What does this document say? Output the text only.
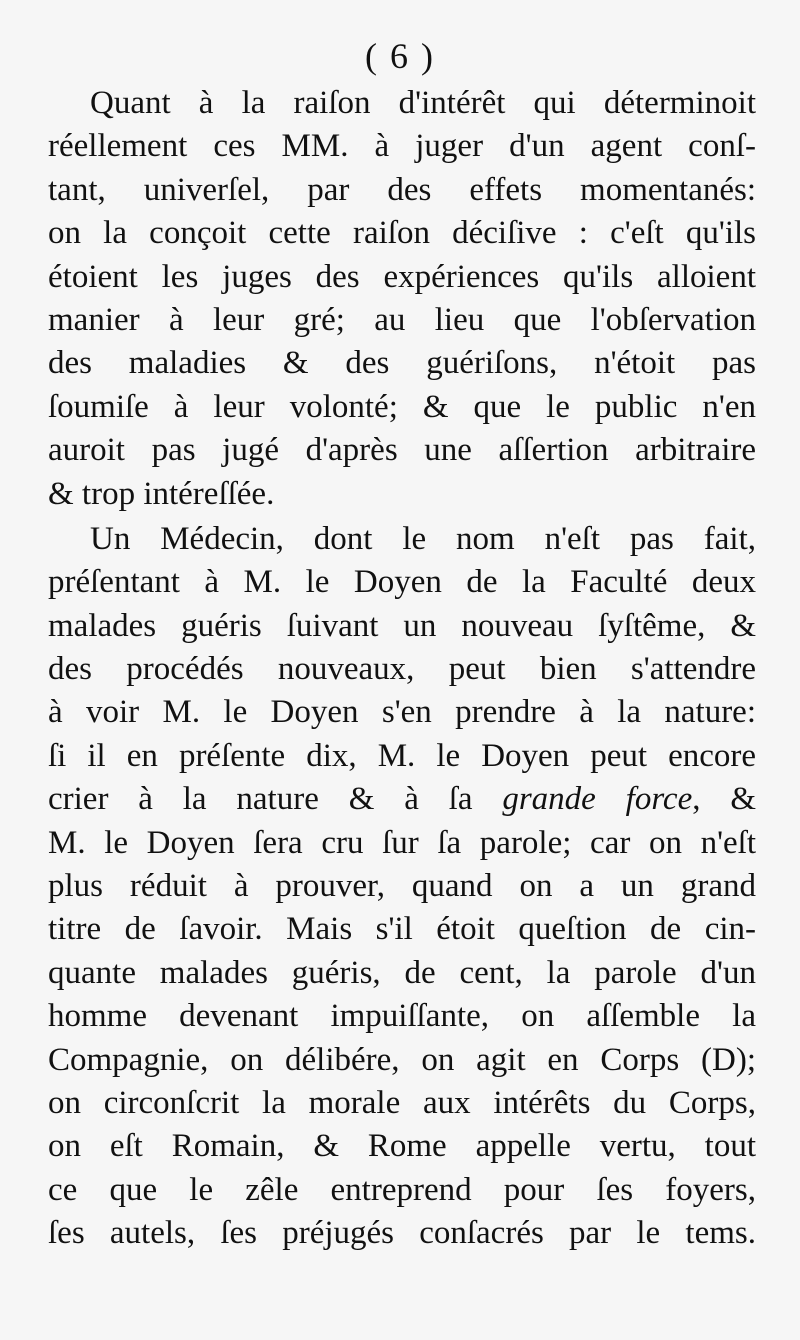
( 6 )
Quant à la raiſon d'intérêt qui déterminoit
réellement ces MM. à juger d'un agent conſ-
tant, univerſel, par des effets momentanés:
on la conçoit cette raiſon déciſive : c'eſt qu'ils
étoient les juges des expériences qu'ils alloient
manier à leur gré; au lieu que l'obſervation
des maladies & des guériſons, n'étoit pas
ſoumiſe à leur volonté; & que le public n'en
auroit pas jugé d'après une aſſertion arbitraire
& trop intéreſſée.
Un Médecin, dont le nom n'eſt pas fait,
préſentant à M. le Doyen de la Faculté deux
malades guéris ſuivant un nouveau ſyſtême, &
des procédés nouveaux, peut bien s'attendre
à voir M. le Doyen s'en prendre à la nature:
ſi il en préſente dix, M. le Doyen peut encore
crier à la nature & à ſa grande force, &
M. le Doyen ſera cru ſur ſa parole; car on n'eſt
plus réduit à prouver, quand on a un grand
titre de ſavoir. Mais s'il étoit queſtion de cin-
quante malades guéris, de cent, la parole d'un
homme devenant impuiſſante, on aſſemble la
Compagnie, on délibére, on agit en Corps (D);
on circonſcrit la morale aux intérêts du Corps,
on eſt Romain, & Rome appelle vertu, tout
ce que le zêle entreprend pour ſes foyers,
ſes autels, ſes préjugés conſacrés par le tems.
